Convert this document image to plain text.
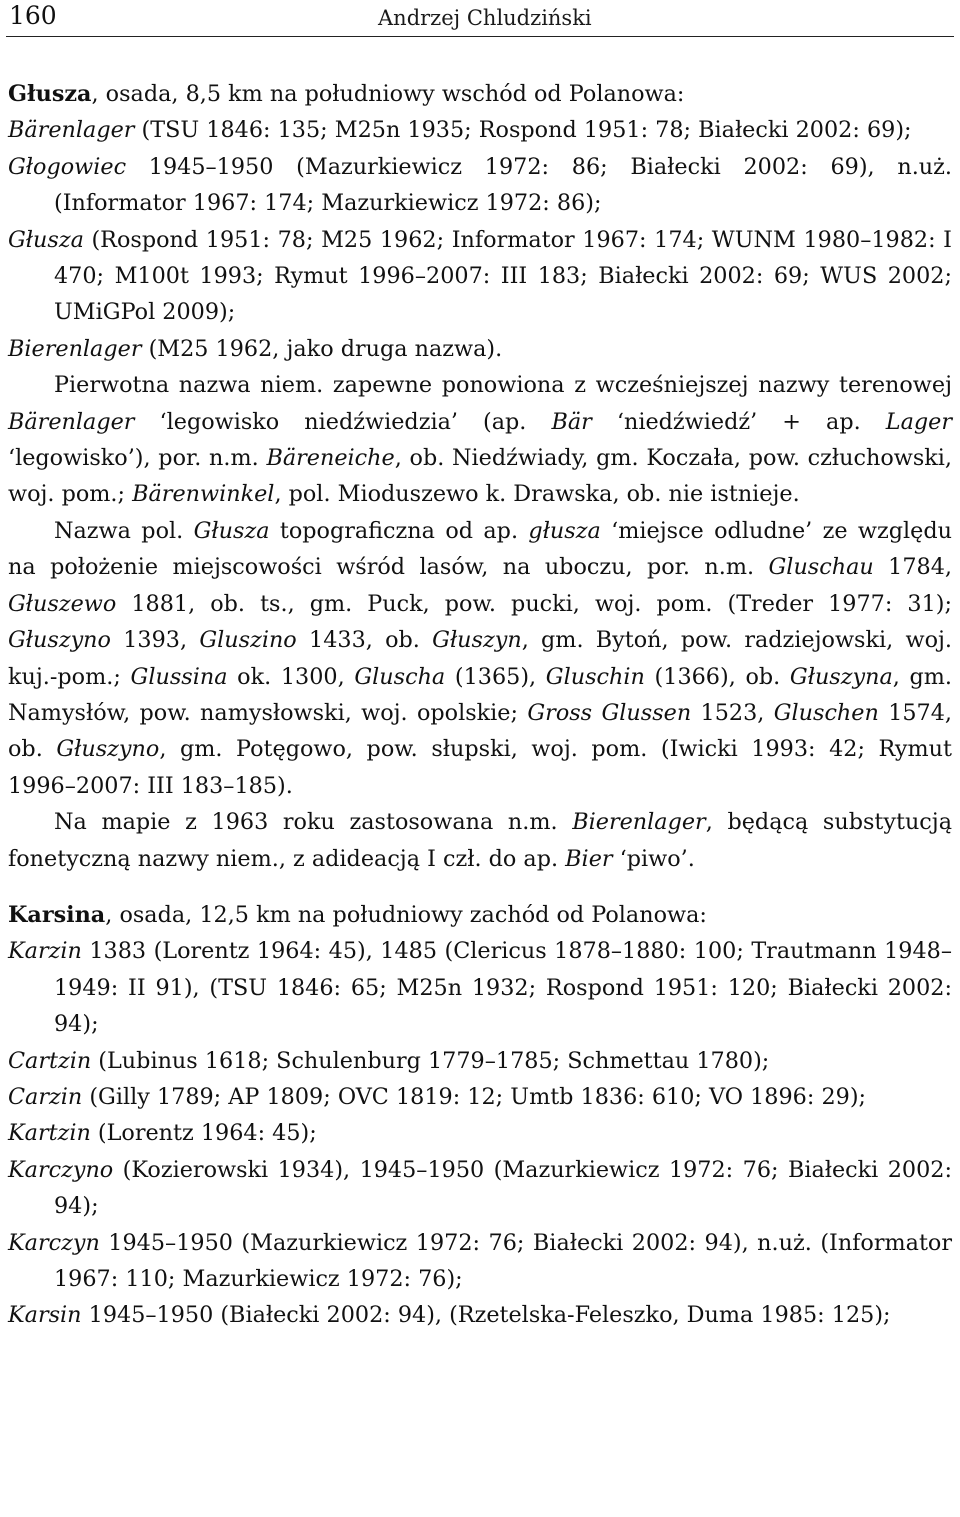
160	Andrzej Chludziński

Głusza, osada, 8,5 km na południowy wschód od Polanowa:

Bärenlager (TSU 1846: 135; M25n 1935; Rospond 1951: 78; Białecki 2002: 69);

Głogowiec 1945–1950 (Mazurkiewicz 1972: 86; Białecki 2002: 69), n.uż. (Informator 1967: 174; Mazurkiewicz 1972: 86);

Głusza (Rospond 1951: 78; M25 1962; Informator 1967: 174; WUNM 1980–1982: I 470; M100t 1993; Rymut 1996–2007: III 183; Białecki 2002: 69; WUS 2002; UMiGPol 2009);

Bierenlager (M25 1962, jako druga nazwa).

Pierwotna nazwa niem. zapewne ponowiona z wcześniejszej nazwy terenowej Bärenlager ‘legowisko niedźwiedzia’ (ap. Bär ‘niedźwiedź’ + ap. Lager ‘legowisko’), por. n.m. Bäreneiche, ob. Niedźwiady, gm. Koczała, pow. człuchowski, woj. pom.; Bärenwinkel, pol. Mioduszewo k. Drawska, ob. nie istnieje.

Nazwa pol. Głusza topograficzna od ap. głusza ‘miejsce odludne’ ze względu na położenie miejscowości wśród lasów, na uboczu, por. n.m. Gluschau 1784, Głuszewo 1881, ob. ts., gm. Puck, pow. pucki, woj. pom. (Treder 1977: 31); Głuszyno 1393, Gluszino 1433, ob. Głuszyn, gm. Bytoń, pow. radziejowski, woj. kuj.-pom.; Glussina ok. 1300, Gluscha (1365), Gluschin (1366), ob. Głuszyna, gm. Namysłów, pow. namysłowski, woj. opolskie; Gross Glussen 1523, Gluschen 1574, ob. Głuszyno, gm. Potęgowo, pow. słupski, woj. pom. (Iwicki 1993: 42; Rymut 1996–2007: III 183–185).

Na mapie z 1963 roku zastosowana n.m. Bierenlager, będącą substytucją fonetyczną nazwy niem., z adideacją I czł. do ap. Bier ‘piwo’.

Karsina, osada, 12,5 km na południowy zachód od Polanowa:

Karzin 1383 (Lorentz 1964: 45), 1485 (Clericus 1878–1880: 100; Trautmann 1948–1949: II 91), (TSU 1846: 65; M25n 1932; Rospond 1951: 120; Białecki 2002: 94);

Cartzin (Lubinus 1618; Schulenburg 1779–1785; Schmettau 1780);

Carzin (Gilly 1789; AP 1809; OVC 1819: 12; Umtb 1836: 610; VO 1896: 29);

Kartzin (Lorentz 1964: 45);

Karczyno (Kozierowski 1934), 1945–1950 (Mazurkiewicz 1972: 76; Białecki 2002: 94);

Karczyn 1945–1950 (Mazurkiewicz 1972: 76; Białecki 2002: 94), n.uż. (Informator 1967: 110; Mazurkiewicz 1972: 76);

Karsin 1945–1950 (Białecki 2002: 94), (Rzetelska-Feleszko, Duma 1985: 125);
